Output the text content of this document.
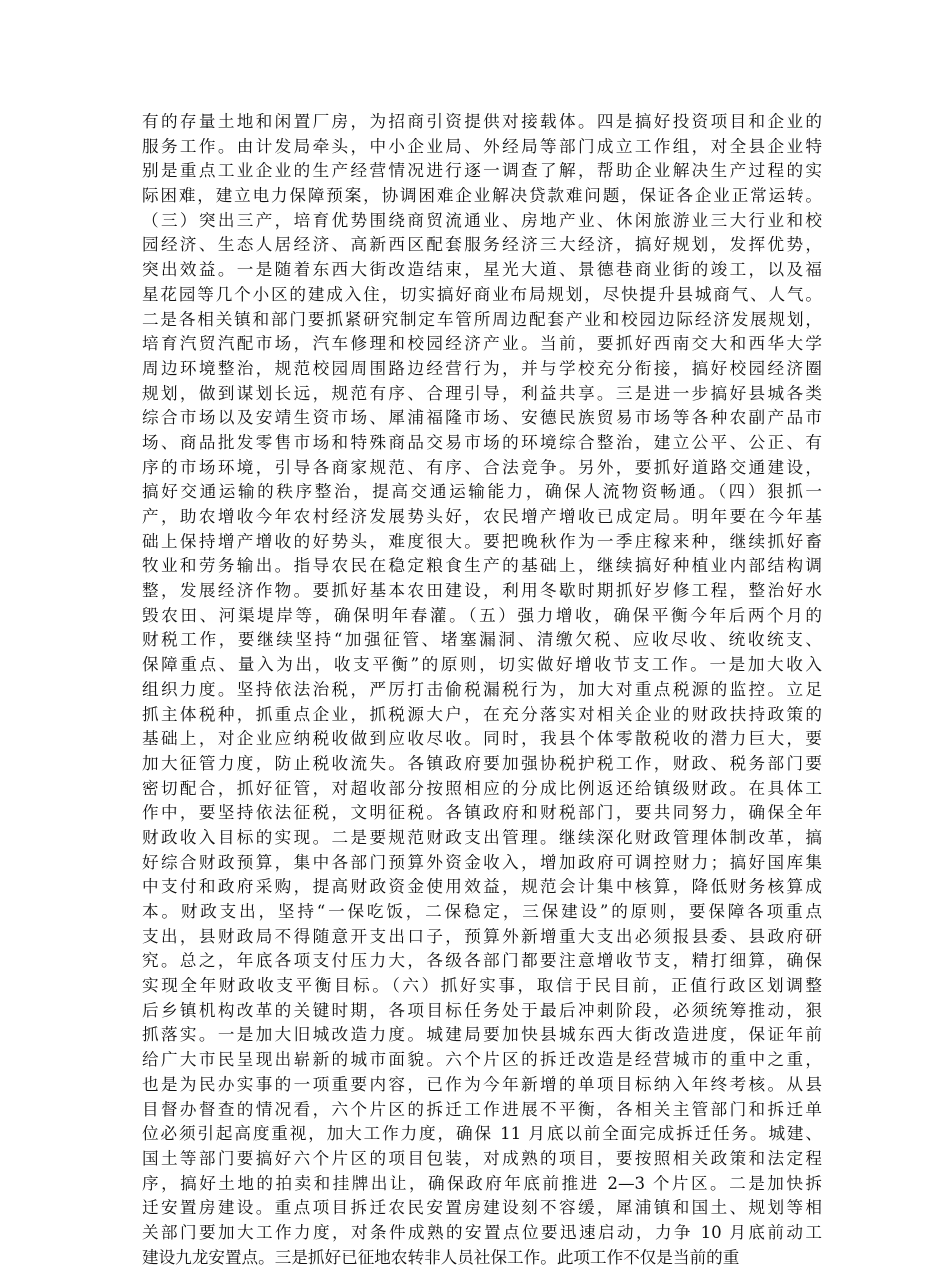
有的存量土地和闲置厂房，为招商引资提供对接载体。四是搞好投资项目和企业的
服务工作。由计发局牵头，中小企业局、外经局等部门成立工作组，对全县企业特
别是重点工业企业的生产经营情况进行逐一调查了解，帮助企业解决生产过程的实
际困难，建立电力保障预案，协调困难企业解决贷款难问题，保证各企业正常运转。
（三）突出三产，培育优势围绕商贸流通业、房地产业、休闲旅游业三大行业和校
园经济、生态人居经济、高新西区配套服务经济三大经济，搞好规划，发挥优势，
突出效益。一是随着东西大街改造结束，星光大道、景德巷商业街的竣工，以及福
星花园等几个小区的建成入住，切实搞好商业布局规划，尽快提升县城商气、人气。
二是各相关镇和部门要抓紧研究制定车管所周边配套产业和校园边际经济发展规划，
培育汽贸汽配市场，汽车修理和校园经济产业。当前，要抓好西南交大和西华大学
周边环境整治，规范校园周围路边经营行为，并与学校充分衔接，搞好校园经济圈
规划，做到谋划长远，规范有序、合理引导，利益共享。三是进一步搞好县城各类
综合市场以及安靖生资市场、犀浦福隆市场、安德民族贸易市场等各种农副产品市
场、商品批发零售市场和特殊商品交易市场的环境综合整治，建立公平、公正、有
序的市场环境，引导各商家规范、有序、合法竞争。另外，要抓好道路交通建设，
搞好交通运输的秩序整治，提高交通运输能力，确保人流物资畅通。（四）狠抓一
产，助农增收今年农村经济发展势头好，农民增产增收已成定局。明年要在今年基
础上保持增产增收的好势头，难度很大。要把晚秋作为一季庄稼来种，继续抓好畜
牧业和劳务输出。指导农民在稳定粮食生产的基础上，继续搞好种植业内部结构调
整，发展经济作物。要抓好基本农田建设，利用冬歇时期抓好岁修工程，整治好水
毁农田、河渠堤岸等，确保明年春灌。（五）强力增收，确保平衡今年后两个月的
财税工作，要继续坚持“加强征管、堵塞漏洞、清缴欠税、应收尽收、统收统支、
保障重点、量入为出，收支平衡”的原则，切实做好增收节支工作。一是加大收入
组织力度。坚持依法治税，严厉打击偷税漏税行为，加大对重点税源的监控。立足
抓主体税种，抓重点企业，抓税源大户，在充分落实对相关企业的财政扶持政策的
基础上，对企业应纳税收做到应收尽收。同时，我县个体零散税收的潜力巨大，要
加大征管力度，防止税收流失。各镇政府要加强协税护税工作，财政、税务部门要
密切配合，抓好征管，对超收部分按照相应的分成比例返还给镇级财政。在具体工
作中，要坚持依法征税，文明征税。各镇政府和财税部门，要共同努力，确保全年
财政收入目标的实现。二是要规范财政支出管理。继续深化财政管理体制改革，搞
好综合财政预算，集中各部门预算外资金收入，增加政府可调控财力；搞好国库集
中支付和政府采购，提高财政资金使用效益，规范会计集中核算，降低财务核算成
本。财政支出，坚持“一保吃饭，二保稳定，三保建设”的原则，要保障各项重点
支出，县财政局不得随意开支出口子，预算外新增重大支出必须报县委、县政府研
究。总之，年底各项支付压力大，各级各部门都要注意增收节支，精打细算，确保
实现全年财政收支平衡目标。（六）抓好实事，取信于民目前，正值行政区划调整
后乡镇机构改革的关键时期，各项目标任务处于最后冲刺阶段，必须统筹推动，狠
抓落实。一是加大旧城改造力度。城建局要加快县城东西大街改造进度，保证年前
给广大市民呈现出崭新的城市面貌。六个片区的拆迁改造是经营城市的重中之重，
也是为民办实事的一项重要内容，已作为今年新增的单项目标纳入年终考核。从县
目督办督查的情况看，六个片区的拆迁工作进展不平衡，各相关主管部门和拆迁单
位必须引起高度重视，加大工作力度，确保 11 月底以前全面完成拆迁任务。城建、
国土等部门要搞好六个片区的项目包装，对成熟的项目，要按照相关政策和法定程
序，搞好土地的拍卖和挂牌出让，确保政府年底前推进 2—3 个片区。二是加快拆
迁安置房建设。重点项目拆迁农民安置房建设刻不容缓，犀浦镇和国土、规划等相
关部门要加大工作力度，对条件成熟的安置点位要迅速启动，力争 10 月底前动工
建设九龙安置点。三是抓好已征地农转非人员社保工作。此项工作不仅是当前的重
